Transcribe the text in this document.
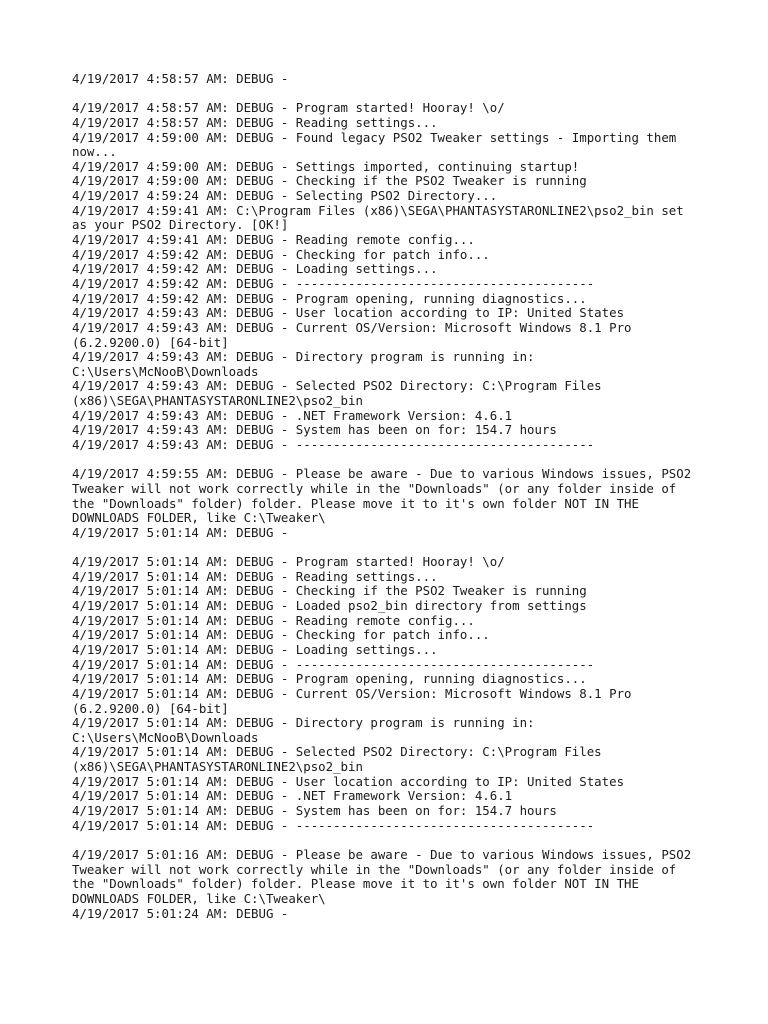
4/19/2017 4:58:57 AM: DEBUG -
4/19/2017 4:58:57 AM: DEBUG - Program started! Hooray! \o/
4/19/2017 4:58:57 AM: DEBUG - Reading settings...
4/19/2017 4:59:00 AM: DEBUG - Found legacy PSO2 Tweaker settings - Importing them
now...
4/19/2017 4:59:00 AM: DEBUG - Settings imported, continuing startup!
4/19/2017 4:59:00 AM: DEBUG - Checking if the PSO2 Tweaker is running
4/19/2017 4:59:24 AM: DEBUG - Selecting PSO2 Directory...
4/19/2017 4:59:41 AM: C:\Program Files (x86)\SEGA\PHANTASYSTARONLINE2\pso2_bin set
as your PSO2 Directory. [OK!]
4/19/2017 4:59:41 AM: DEBUG - Reading remote config...
4/19/2017 4:59:42 AM: DEBUG - Checking for patch info...
4/19/2017 4:59:42 AM: DEBUG - Loading settings...
4/19/2017 4:59:42 AM: DEBUG - ----------------------------------------
4/19/2017 4:59:42 AM: DEBUG - Program opening, running diagnostics...
4/19/2017 4:59:43 AM: DEBUG - User location according to IP: United States
4/19/2017 4:59:43 AM: DEBUG - Current OS/Version: Microsoft Windows 8.1 Pro
(6.2.9200.0) [64-bit]
4/19/2017 4:59:43 AM: DEBUG - Directory program is running in:
C:\Users\McNooB\Downloads
4/19/2017 4:59:43 AM: DEBUG - Selected PSO2 Directory: C:\Program Files
(x86)\SEGA\PHANTASYSTARONLINE2\pso2_bin
4/19/2017 4:59:43 AM: DEBUG - .NET Framework Version: 4.6.1
4/19/2017 4:59:43 AM: DEBUG - System has been on for: 154.7 hours
4/19/2017 4:59:43 AM: DEBUG - ----------------------------------------
4/19/2017 4:59:55 AM: DEBUG - Please be aware - Due to various Windows issues, PSO2
Tweaker will not work correctly while in the "Downloads" (or any folder inside of
the "Downloads" folder) folder. Please move it to it's own folder NOT IN THE
DOWNLOADS FOLDER, like C:\Tweaker\
4/19/2017 5:01:14 AM: DEBUG -
4/19/2017 5:01:14 AM: DEBUG - Program started! Hooray! \o/
4/19/2017 5:01:14 AM: DEBUG - Reading settings...
4/19/2017 5:01:14 AM: DEBUG - Checking if the PSO2 Tweaker is running
4/19/2017 5:01:14 AM: DEBUG - Loaded pso2_bin directory from settings
4/19/2017 5:01:14 AM: DEBUG - Reading remote config...
4/19/2017 5:01:14 AM: DEBUG - Checking for patch info...
4/19/2017 5:01:14 AM: DEBUG - Loading settings...
4/19/2017 5:01:14 AM: DEBUG - ----------------------------------------
4/19/2017 5:01:14 AM: DEBUG - Program opening, running diagnostics...
4/19/2017 5:01:14 AM: DEBUG - Current OS/Version: Microsoft Windows 8.1 Pro
(6.2.9200.0) [64-bit]
4/19/2017 5:01:14 AM: DEBUG - Directory program is running in:
C:\Users\McNooB\Downloads
4/19/2017 5:01:14 AM: DEBUG - Selected PSO2 Directory: C:\Program Files
(x86)\SEGA\PHANTASYSTARONLINE2\pso2_bin
4/19/2017 5:01:14 AM: DEBUG - User location according to IP: United States
4/19/2017 5:01:14 AM: DEBUG - .NET Framework Version: 4.6.1
4/19/2017 5:01:14 AM: DEBUG - System has been on for: 154.7 hours
4/19/2017 5:01:14 AM: DEBUG - ----------------------------------------
4/19/2017 5:01:16 AM: DEBUG - Please be aware - Due to various Windows issues, PSO2
Tweaker will not work correctly while in the "Downloads" (or any folder inside of
the "Downloads" folder) folder. Please move it to it's own folder NOT IN THE
DOWNLOADS FOLDER, like C:\Tweaker\
4/19/2017 5:01:24 AM: DEBUG -
